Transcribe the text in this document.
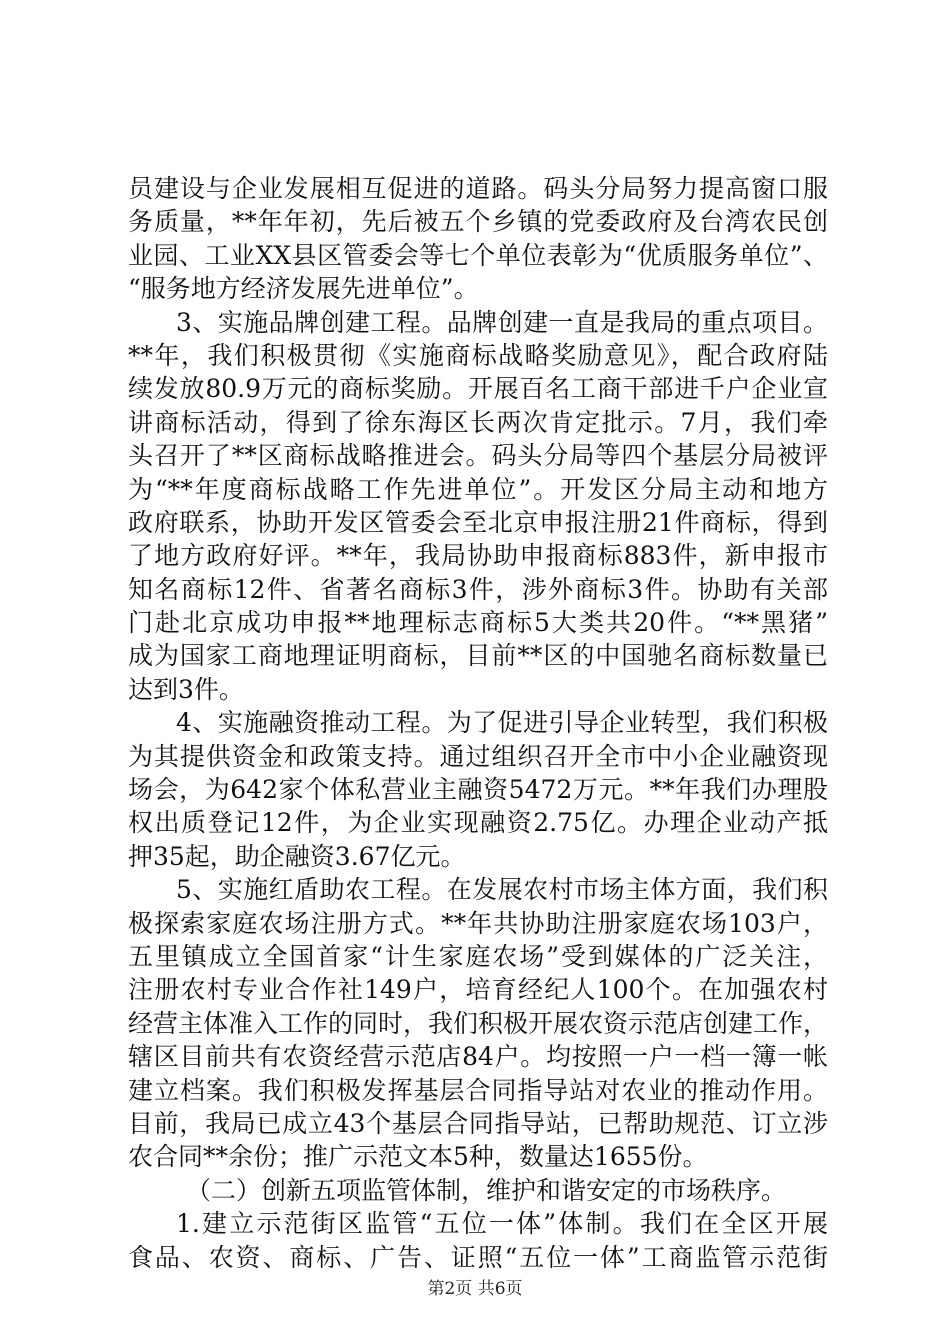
员建设与企业发展相互促进的道路。码头分局努力提高窗口服
务质量，**年年初，先后被五个乡镇的党委政府及台湾农民创
业园、工业XX县区管委会等七个单位表彰为“优质服务单位”、
“服务地方经济发展先进单位”。
3、实施品牌创建工程。品牌创建一直是我局的重点项目。
**年，我们积极贯彻《实施商标战略奖励意见》，配合政府陆
续发放80.9万元的商标奖励。开展百名工商干部进千户企业宣
讲商标活动，得到了徐东海区长两次肯定批示。7月，我们牵
头召开了**区商标战略推进会。码头分局等四个基层分局被评
为“**年度商标战略工作先进单位”。开发区分局主动和地方
政府联系，协助开发区管委会至北京申报注册21件商标，得到
了地方政府好评。**年，我局协助申报商标883件，新申报市
知名商标12件、省著名商标3件，涉外商标3件。协助有关部
门赴北京成功申报**地理标志商标5大类共20件。“**黑猪”
成为国家工商地理证明商标，目前**区的中国驰名商标数量已
达到3件。
4、实施融资推动工程。为了促进引导企业转型，我们积极
为其提供资金和政策支持。通过组织召开全市中小企业融资现
场会，为642家个体私营业主融资5472万元。**年我们办理股
权出质登记12件，为企业实现融资2.75亿。办理企业动产抵
押35起，助企融资3.67亿元。
5、实施红盾助农工程。在发展农村市场主体方面，我们积
极探索家庭农场注册方式。**年共协助注册家庭农场103户，
五里镇成立全国首家“计生家庭农场”受到媒体的广泛关注，
注册农村专业合作社149户，培育经纪人100个。在加强农村
经营主体准入工作的同时，我们积极开展农资示范店创建工作，
辖区目前共有农资经营示范店84户。均按照一户一档一簿一帐
建立档案。我们积极发挥基层合同指导站对农业的推动作用。
目前，我局已成立43个基层合同指导站，已帮助规范、订立涉
农合同**余份；推广示范文本5种，数量达1655份。
（二）创新五项监管体制，维护和谐安定的市场秩序。
1.建立示范街区监管“五位一体”体制。我们在全区开展
食品、农资、商标、广告、证照“五位一体”工商监管示范街
第2页 共6页
